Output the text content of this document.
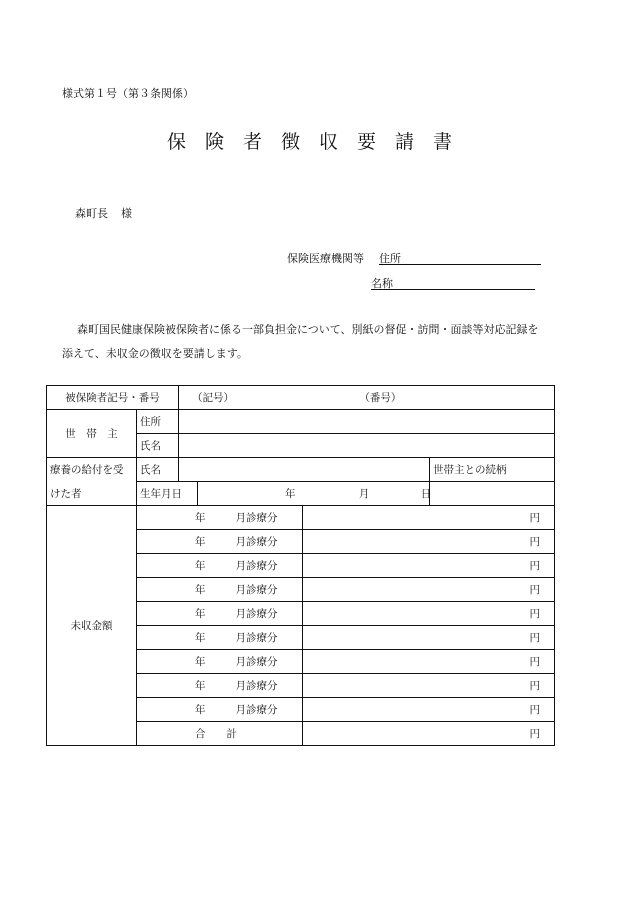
様式第１号（第３条関係）
保険者徴収要請書
森町長 様
保険医療機関等 住所
名称
森町国民健康保険被保険者に係る一部負担金について、別紙の督促・訪問・面談等対応記録を
添えて、未収金の徴収を要請します。
被保険者記号・番号		（記号） （番号）			
世　帯　主	住所				
	氏名				
療養の給付を受	氏名				世帯主との続柄
けた者	生年月日		年 月 日		
未収金額	年 月診療分			円	
	年 月診療分			円	
	年 月診療分			円	
	年 月診療分			円	
	年 月診療分			円	
	年 月診療分			円	
	年 月診療分			円	
	年 月診療分			円	
	年 月診療分			円	
	合　　計			円	
